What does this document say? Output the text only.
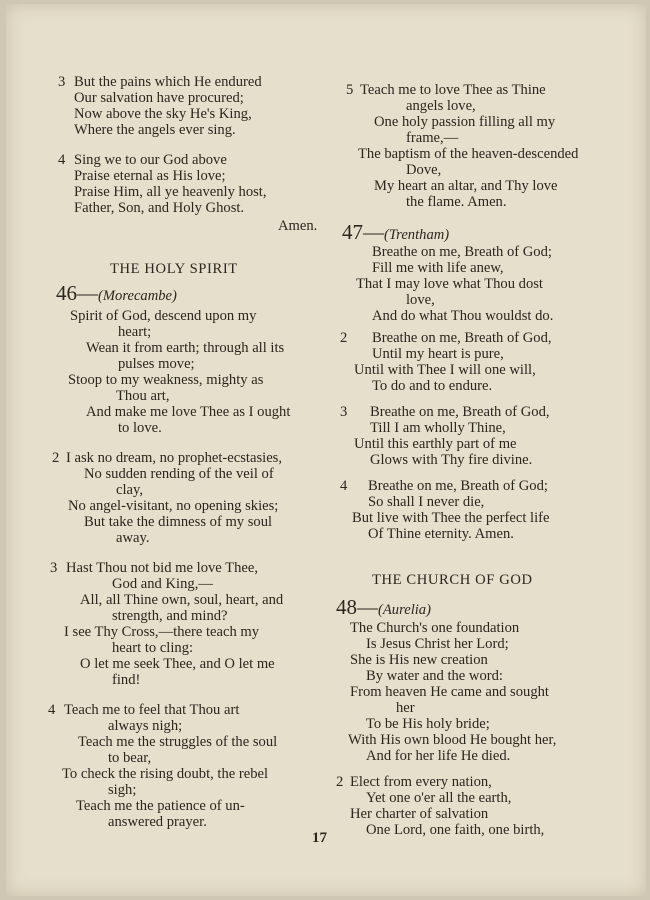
3 But the pains which He endured
Our salvation have procured;
Now above the sky He's King,
Where the angels ever sing.
4 Sing we to our God above
Praise eternal as His love;
Praise Him, all ye heavenly host,
Father, Son, and Holy Ghost.
Amen.
THE HOLY SPIRIT
46—(Morecambe)
Spirit of God, descend upon my
heart;
Wean it from earth; through all its
pulses move;
Stoop to my weakness, mighty as
Thou art,
And make me love Thee as I ought
to love.
2 I ask no dream, no prophet-ecstasies,
No sudden rending of the veil of
clay,
No angel-visitant, no opening skies;
But take the dimness of my soul
away.
3 Hast Thou not bid me love Thee,
God and King,—
All, all Thine own, soul, heart, and
strength, and mind?
I see Thy Cross,—there teach my
heart to cling:
O let me seek Thee, and O let me
find!
4 Teach me to feel that Thou art
always nigh;
Teach me the struggles of the soul
to bear,
To check the rising doubt, the rebel
sigh;
Teach me the patience of un-
answered prayer.
5 Teach me to love Thee as Thine
angels love,
One holy passion filling all my
frame,—
The baptism of the heaven-descended
Dove,
My heart an altar, and Thy love
the flame. Amen.
47—(Trentham)
Breathe on me, Breath of God;
Fill me with life anew,
That I may love what Thou dost
love,
And do what Thou wouldst do.
2 Breathe on me, Breath of God,
Until my heart is pure,
Until with Thee I will one will,
To do and to endure.
3 Breathe on me, Breath of God,
Till I am wholly Thine,
Until this earthly part of me
Glows with Thy fire divine.
4 Breathe on me, Breath of God;
So shall I never die,
But live with Thee the perfect life
Of Thine eternity. Amen.
THE CHURCH OF GOD
48—(Aurelia)
The Church's one foundation
Is Jesus Christ her Lord;
She is His new creation
By water and the word:
From heaven He came and sought
her
To be His holy bride;
With His own blood He bought her,
And for her life He died.
2 Elect from every nation,
Yet one o'er all the earth,
Her charter of salvation
One Lord, one faith, one birth,
17
